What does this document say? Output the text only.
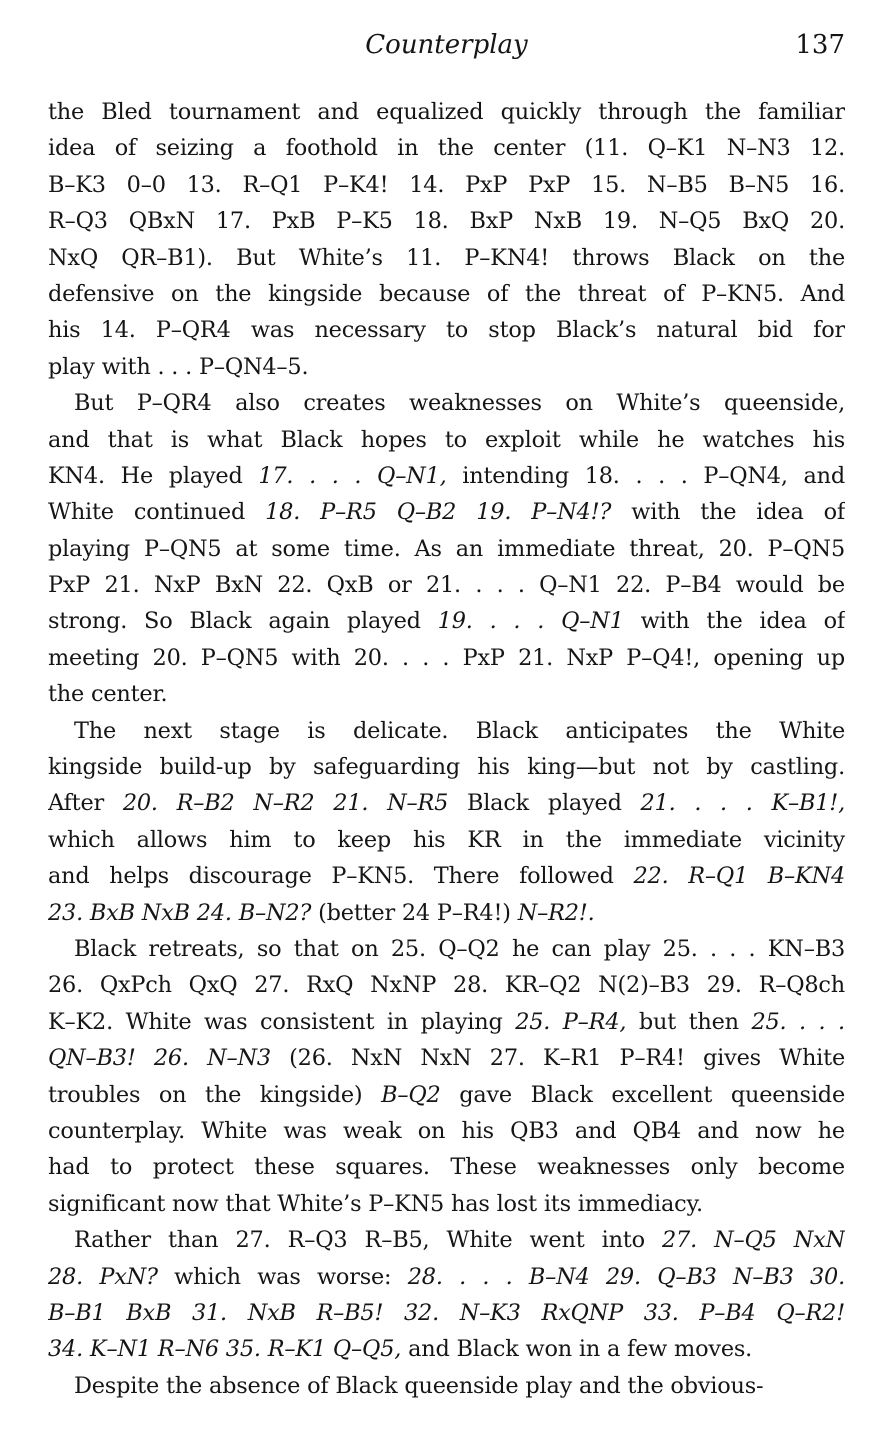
Counterplay	137
the Bled tournament and equalized quickly through the familiar
idea of seizing a foothold in the center (11. Q–K1 N–N3 12.
B–K3 0–0 13. R–Q1 P–K4! 14. PxP PxP 15. N–B5 B–N5 16.
R–Q3 QBxN 17. PxB P–K5 18. BxP NxB 19. N–Q5 BxQ 20.
NxQ QR–B1). But White’s 11. P–KN4! throws Black on the
defensive on the kingside because of the threat of P–KN5. And
his 14. P–QR4 was necessary to stop Black’s natural bid for
play with . . . P–QN4–5.
But P–QR4 also creates weaknesses on White’s queenside,
and that is what Black hopes to exploit while he watches his
KN4. He played 17. . . . Q–N1, intending 18. . . . P–QN4, and
White continued 18. P–R5 Q–B2 19. P–N4!? with the idea of
playing P–QN5 at some time. As an immediate threat, 20. P–QN5
PxP 21. NxP BxN 22. QxB or 21. . . . Q–N1 22. P–B4 would be
strong. So Black again played 19. . . . Q–N1 with the idea of
meeting 20. P–QN5 with 20. . . . PxP 21. NxP P–Q4!, opening up
the center.
The next stage is delicate. Black anticipates the White
kingside build-up by safeguarding his king—but not by castling.
After 20. R–B2 N–R2 21. N–R5 Black played 21. . . . K–B1!,
which allows him to keep his KR in the immediate vicinity
and helps discourage P–KN5. There followed 22. R–Q1 B–KN4
23. BxB NxB 24. B–N2? (better 24 P–R4!) N–R2!.
Black retreats, so that on 25. Q–Q2 he can play 25. . . . KN–B3
26. QxPch QxQ 27. RxQ NxNP 28. KR–Q2 N(2)–B3 29. R–Q8ch
K–K2. White was consistent in playing 25. P–R4, but then 25. . . .
QN–B3! 26. N–N3 (26. NxN NxN 27. K–R1 P–R4! gives White
troubles on the kingside) B–Q2 gave Black excellent queenside
counterplay. White was weak on his QB3 and QB4 and now he
had to protect these squares. These weaknesses only become
significant now that White’s P–KN5 has lost its immediacy.
Rather than 27. R–Q3 R–B5, White went into 27. N–Q5 NxN
28. PxN? which was worse: 28. . . . B–N4 29. Q–B3 N–B3 30.
B–B1 BxB 31. NxB R–B5! 32. N–K3 RxQNP 33. P–B4 Q–R2!
34. K–N1 R–N6 35. R–K1 Q–Q5, and Black won in a few moves.
Despite the absence of Black queenside play and the obvious-
